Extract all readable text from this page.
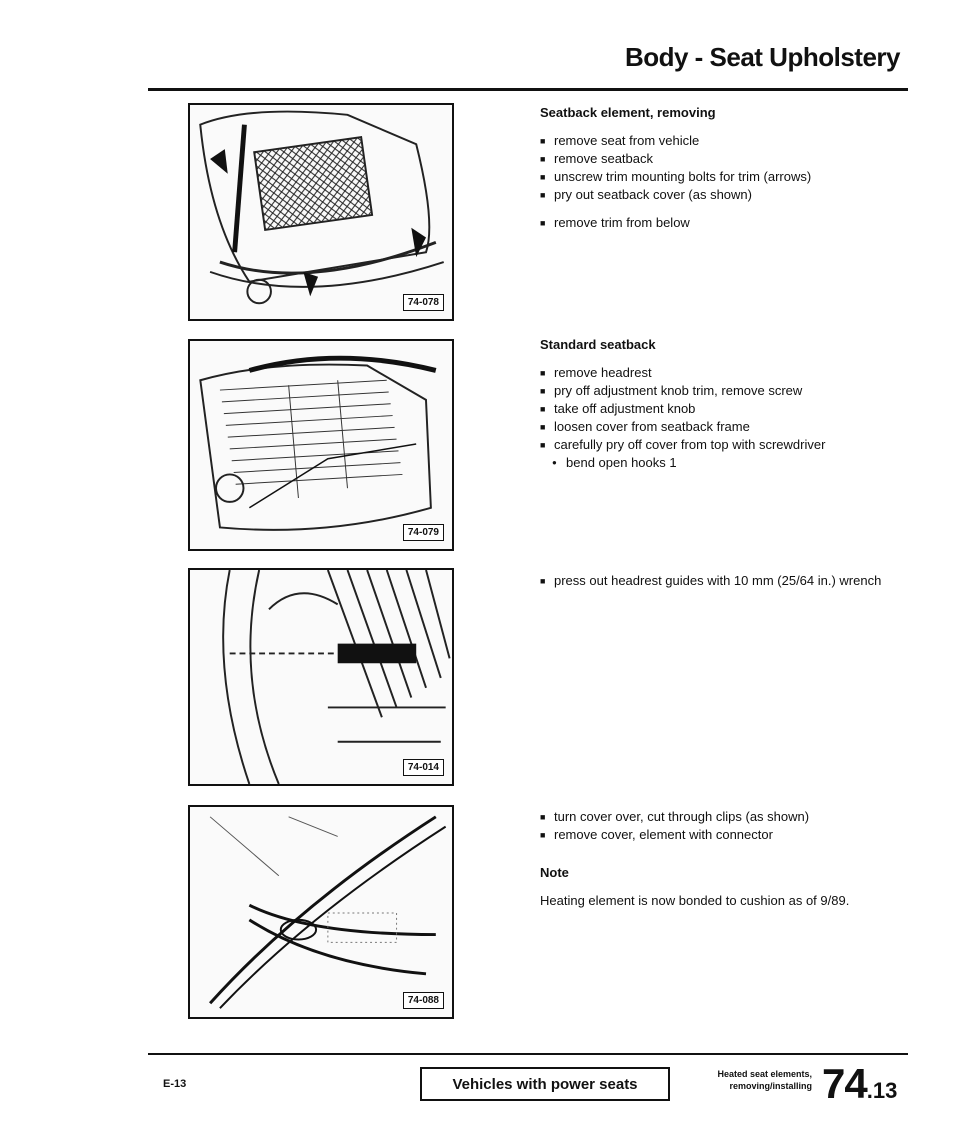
Body - Seat Upholstery
74-078
74-079
74-014
74-088
Seatback element, removing
■ remove seat from vehicle
■ remove seatback
■ unscrew trim mounting bolts for trim (arrows)
■ pry out seatback cover (as shown)
■ remove trim from below
Standard seatback
■ remove headrest
■ pry off adjustment knob trim, remove screw
■ take off adjustment knob
■ loosen cover from seatback frame
■ carefully pry off cover from top with screwdriver
● bend open hooks 1
■ press out headrest guides with 10 mm (25/64 in.) wrench
■ turn cover over, cut through clips (as shown)
■ remove cover, element with connector
Note
Heating element is now bonded to cushion as of 9/89.
E-13	Vehicles with power seats
Heated seat elements,
removing/installing 74.13
